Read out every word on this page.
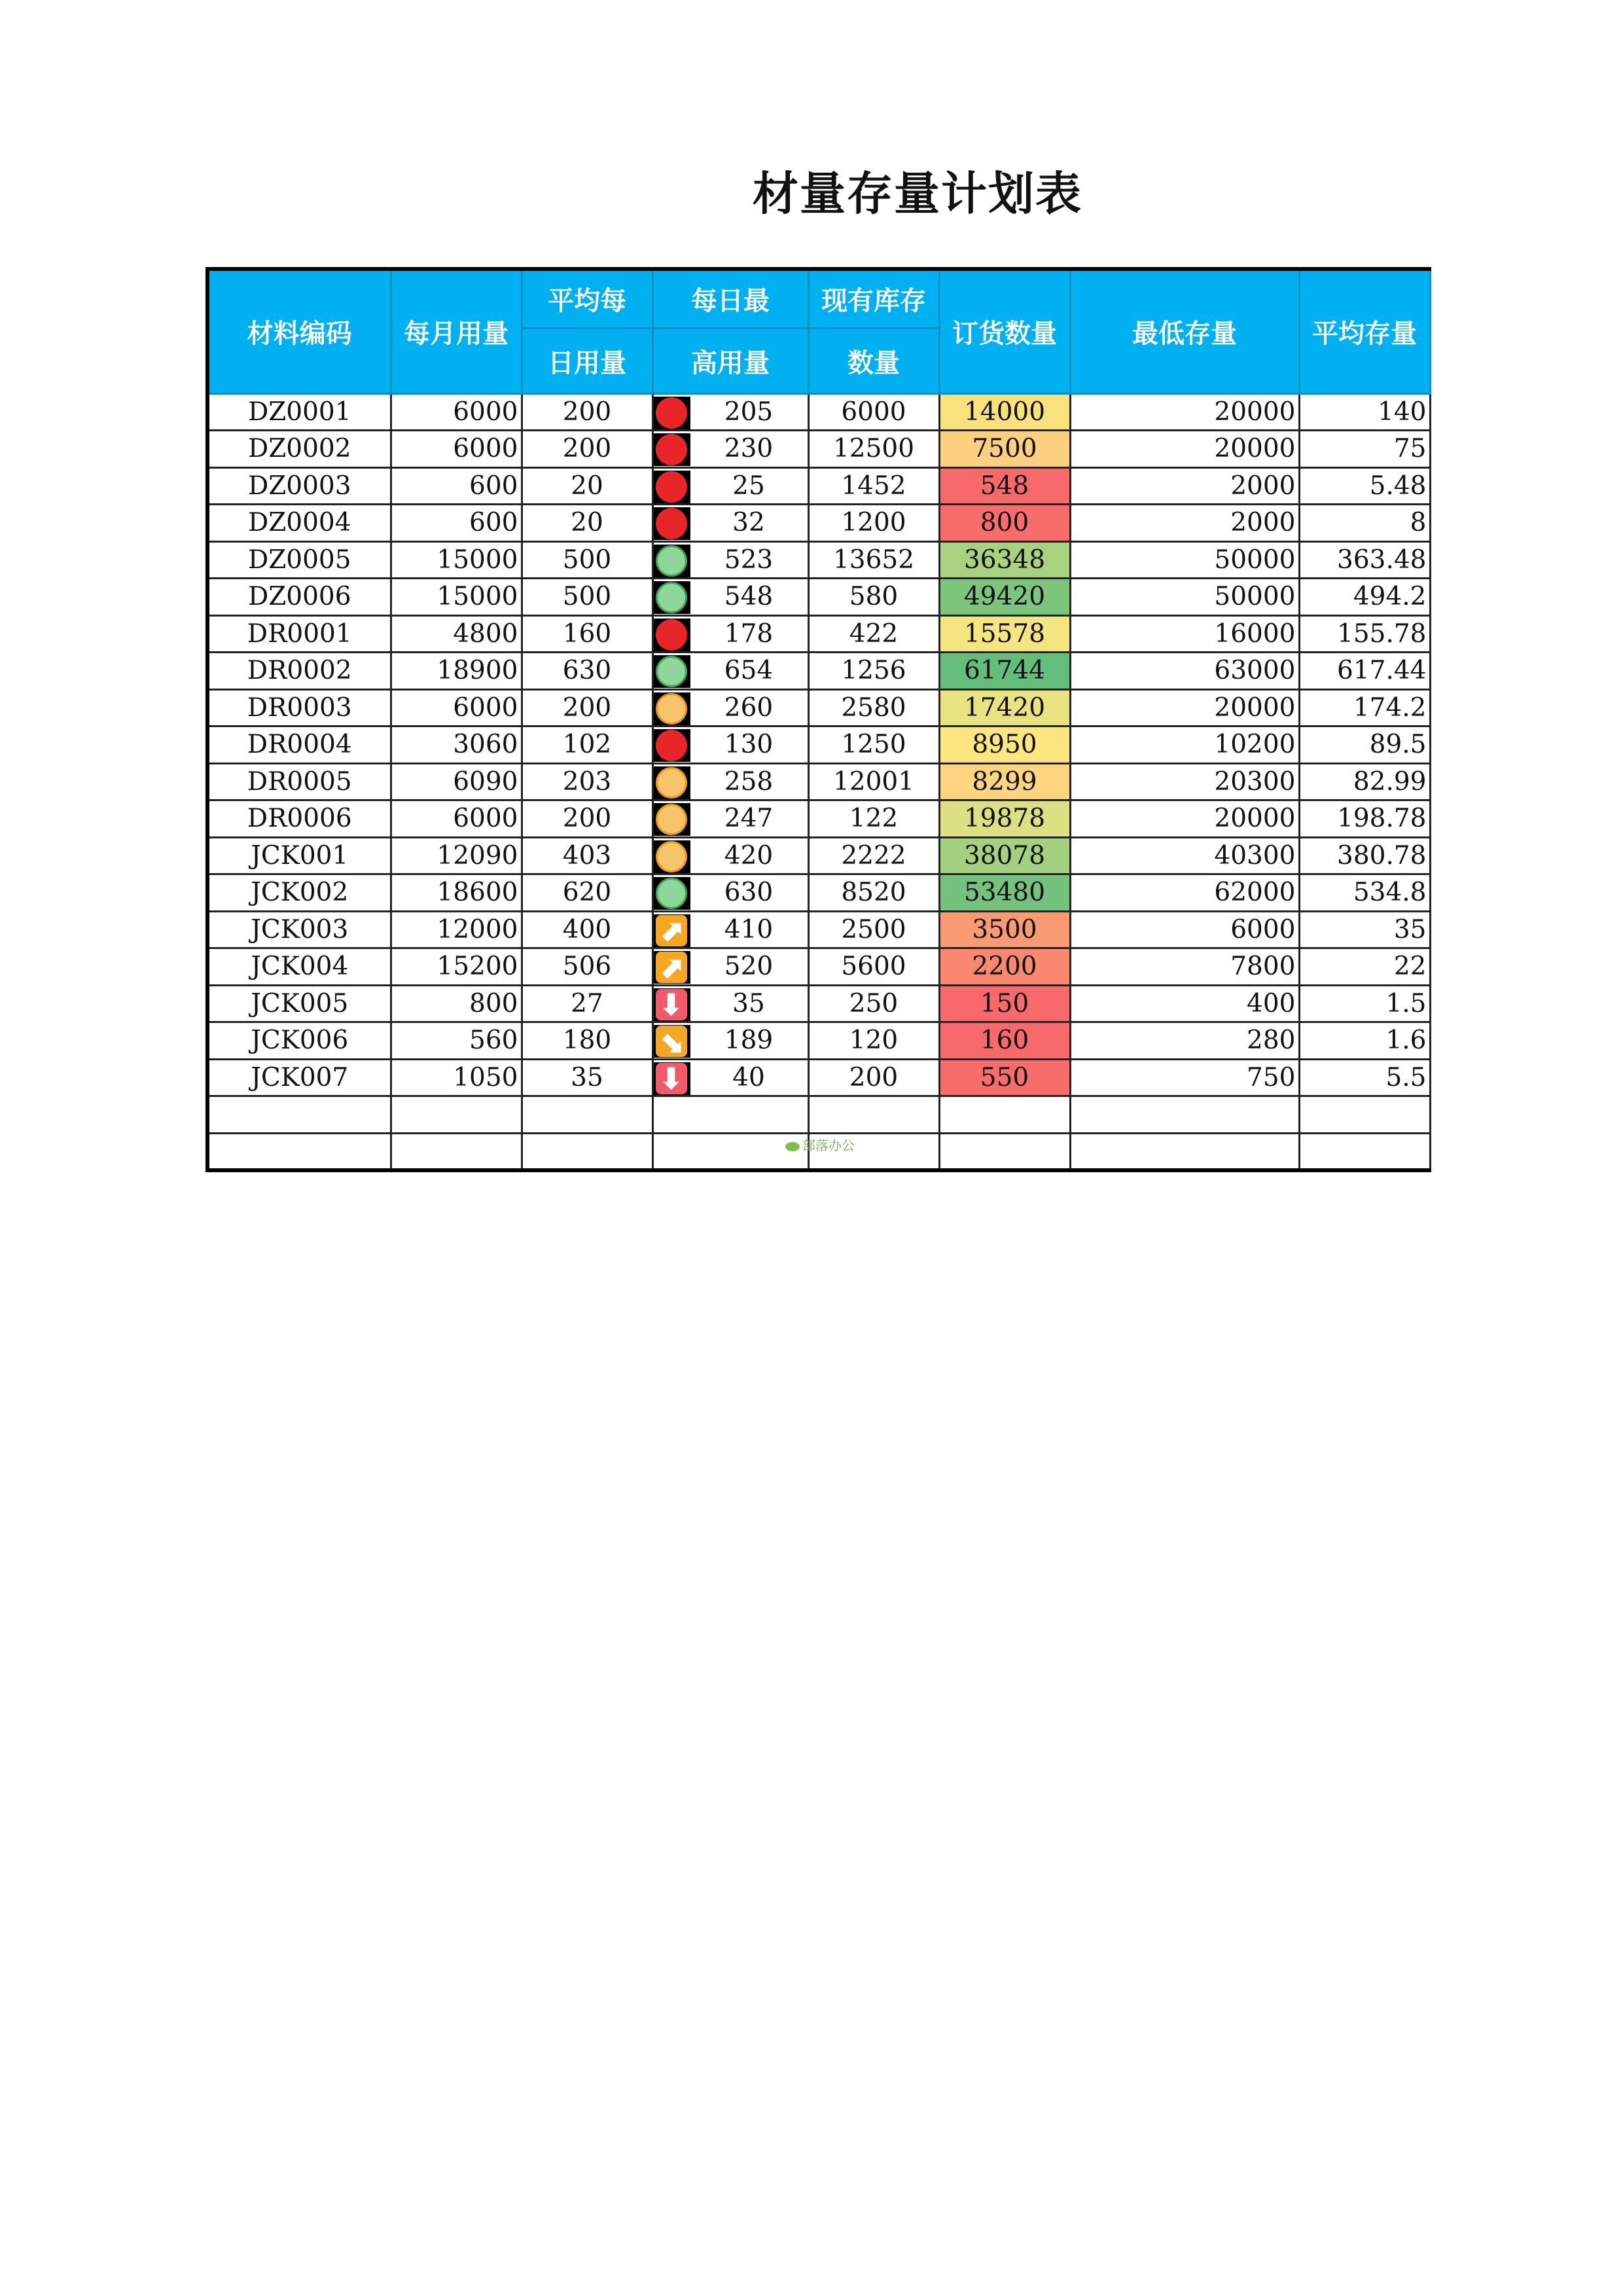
材量存量计划表
材料编码	每月用量	平均每	每日最	现有库存	订货数量	最低存量	平均存量
		日用量	高用量	数量			
DZ0001	6000	200	205	6000	14000	20000	140
DZ0002	6000	200	230	12500	7500	20000	75
DZ0003	600	20	25	1452	548	2000	5.48
DZ0004	600	20	32	1200	800	2000	8
DZ0005	15000	500	523	13652	36348	50000	363.48
DZ0006	15000	500	548	580	49420	50000	494.2
DR0001	4800	160	178	422	15578	16000	155.78
DR0002	18900	630	654	1256	61744	63000	617.44
DR0003	6000	200	260	2580	17420	20000	174.2
DR0004	3060	102	130	1250	8950	10200	89.5
DR0005	6090	203	258	12001	8299	20300	82.99
DR0006	6000	200	247	122	19878	20000	198.78
JCK001	12090	403	420	2222	38078	40300	380.78
JCK002	18600	620	630	8520	53480	62000	534.8
JCK003	12000	400	⬈ 410	2500	3500	6000	35
JCK004	15200	506	⬈ 520	5600	2200	7800	22
JCK005	800	27	⬇ 35	250	150	400	1.5
JCK006	560	180	⬊ 189	120	160	280	1.6
JCK007	1050	35	⬇ 40	200	550	750	5.5

部落办公
